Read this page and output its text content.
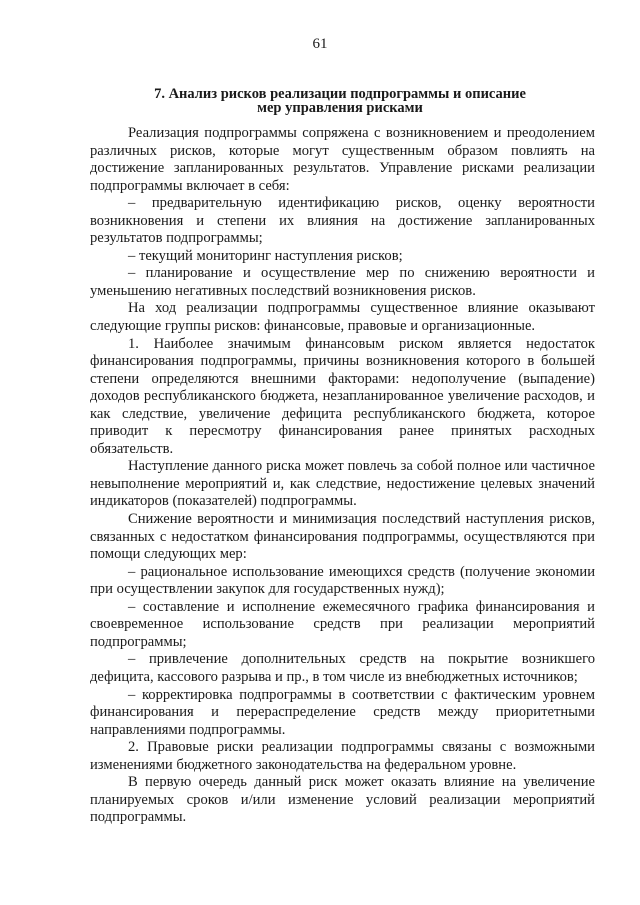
61
7. Анализ рисков реализации подпрограммы и описание
мер управления рисками

Реализация подпрограммы сопряжена с возникновением и преодолением различных рисков, которые могут существенным образом повлиять на достижение запланированных результатов. Управление рисками реализации подпрограммы включает в себя:

– предварительную идентификацию рисков, оценку вероятности возникновения и степени их влияния на достижение запланированных результатов подпрограммы;

– текущий мониторинг наступления рисков;

– планирование и осуществление мер по снижению вероятности и уменьшению негативных последствий возникновения рисков.

На ход реализации подпрограммы существенное влияние оказывают следующие группы рисков: финансовые, правовые и организационные.

1. Наиболее значимым финансовым риском является недостаток финансирования подпрограммы, причины возникновения которого в большей степени определяются внешними факторами: недополучение (выпадение) доходов республиканского бюджета, незапланированное увеличение расходов, и как следствие, увеличение дефицита республиканского бюджета, которое приводит к пересмотру финансирования ранее принятых расходных обязательств.

Наступление данного риска может повлечь за собой полное или частичное невыполнение мероприятий и, как следствие, недостижение целевых значений индикаторов (показателей) подпрограммы.

Снижение вероятности и минимизация последствий наступления рисков, связанных с недостатком финансирования подпрограммы, осуществляются при помощи следующих мер:

– рациональное использование имеющихся средств (получение экономии при осуществлении закупок для государственных нужд);

– составление и исполнение ежемесячного графика финансирования и своевременное использование средств при реализации мероприятий подпрограммы;

– привлечение дополнительных средств на покрытие возникшего дефицита, кассового разрыва и пр., в том числе из внебюджетных источников;

– корректировка подпрограммы в соответствии с фактическим уровнем финансирования и перераспределение средств между приоритетными направлениями подпрограммы.

2. Правовые риски реализации подпрограммы связаны с возможными изменениями бюджетного законодательства на федеральном уровне.

В первую очередь данный риск может оказать влияние на увеличение планируемых сроков и/или изменение условий реализации мероприятий подпрограммы.
